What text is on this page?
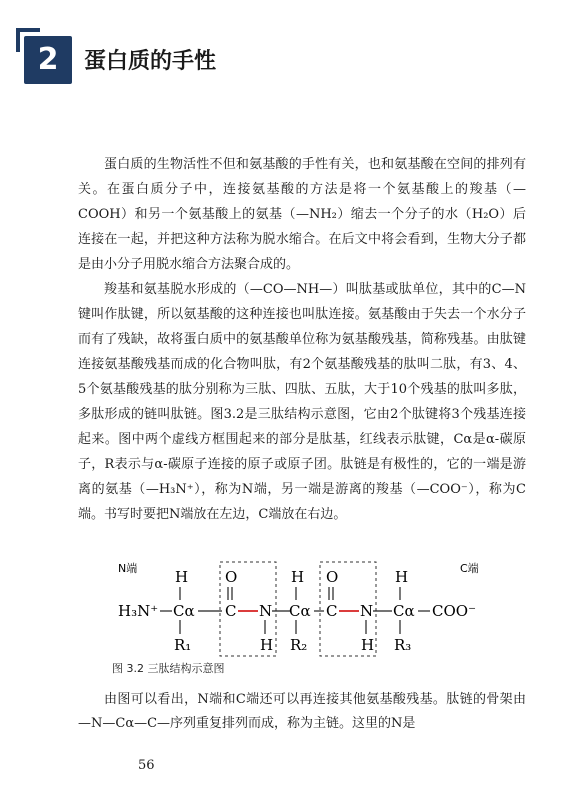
2	蛋白质的手性

蛋白质的生物活性不但和氨基酸的手性有关，也和氨基酸在空间的排列有关。在蛋白质分子中，连接氨基酸的方法是将一个氨基酸上的羧基（—COOH）和另一个氨基酸上的氨基（—NH₂）缩去一个分子的水（H₂O）后连接在一起，并把这种方法称为脱水缩合。在后文中将会看到，生物大分子都是由小分子用脱水缩合方法聚合成的。

羧基和氨基脱水形成的（—CO—NH—）叫肽基或肽单位，其中的C—N键叫作肽键，所以氨基酸的这种连接也叫肽连接。氨基酸由于失去一个水分子而有了残缺，故将蛋白质中的氨基酸单位称为氨基酸残基，简称残基。由肽键连接氨基酸残基而成的化合物叫肽，有2个氨基酸残基的肽叫二肽，有3、4、5个氨基酸残基的肽分别称为三肽、四肽、五肽，大于10个残基的肽叫多肽，多肽形成的链叫肽链。图3.2是三肽结构示意图，它由2个肽键将3个残基连接起来。图中两个虚线方框围起来的部分是肽基，红线表示肽键，Cα是α-碳原子，R表示与α-碳原子连接的原子或原子团。肽链是有极性的，它的一端是游离的氨基（—H₃N⁺），称为N端，另一端是游离的羧基（—COO⁻），称为C端。书写时要把N端放在左边，C端放在右边。

N端	C端
H₃N⁺
H
Cα
R₁
O
C N
H
H
Cα
R₂
O
C N
H
H
Cα
R₃
COO⁻
图 3.2 三肽结构示意图

由图可以看出，N端和C端还可以再连接其他氨基酸残基。肽链的骨架由—N—Cα—C—序列重复排列而成，称为主链。这里的N是

56
